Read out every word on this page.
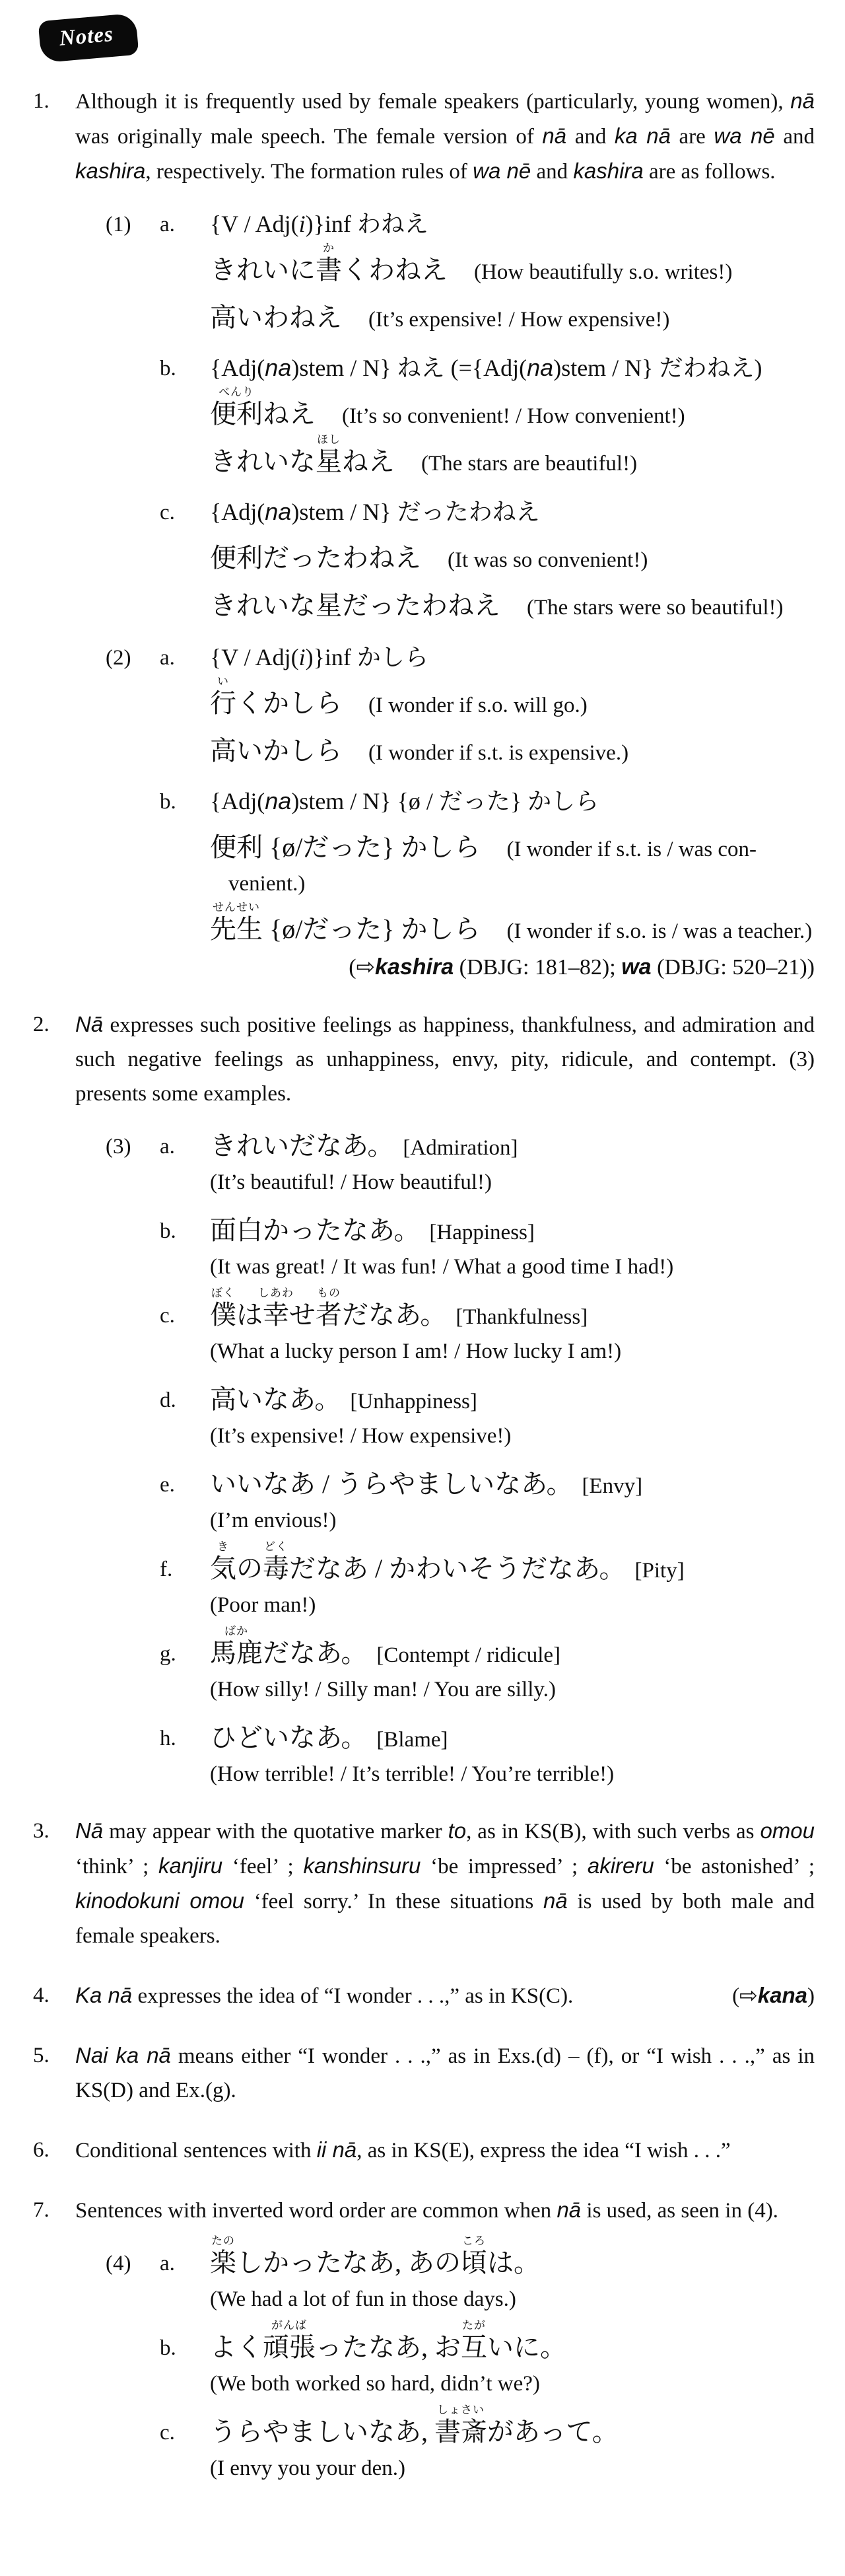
Notes
1.	Although it is frequently used by female speakers (particularly, young women), nā was originally male speech. The female version of nā and ka nā are wa nē and kashira, respectively. The formation rules of wa nē and kashira are as follows.

(1)	a.	{V / Adj(i)}inf わねえ
きれいに
か
書くわねえ (How beautifully s.o. writes!)
高いわねえ (It’s expensive! / How expensive!)
b.	{Adj(na)stem / N} ねえ (={Adj(na)stem / N} だわねえ)
べんり
便利ねえ (It’s so convenient! / How convenient!)
きれいな
ほし
星ねえ (The stars are beautiful!)
c.	{Adj(na)stem / N} だったわねえ
便利だったわねえ (It was so convenient!)
きれいな星だったわねえ (The stars were so beautiful!)
(2)	a.	{V / Adj(i)}inf かしら
い
行くかしら (I wonder if s.o. will go.)
高いかしら (I wonder if s.t. is expensive.)
b.	{Adj(na)stem / N} {ø / だった} かしら
便利 {ø/だった} かしら (I wonder if s.t. is / was con-
venient.)
せんせい
先生 {ø/だった} かしら (I wonder if s.o. is / was a teacher.)
(⇨kashira (DBJG: 181–82); wa (DBJG: 520–21))
2.	Nā expresses such positive feelings as happiness, thankfulness, and admiration and such negative feelings as unhappiness, envy, pity, ridicule, and contempt. (3) presents some examples.

(3)	a.	きれいだなあ。 [Admiration]
(It’s beautiful! / How beautiful!)
b.	面白かったなあ。 [Happiness]
(It was great! / It was fun! / What a good time I had!)
c.
ぼく
僕は
しあわ
幸せ
もの
者だなあ。 [Thankfulness]
(What a lucky person I am! / How lucky I am!)
d.	高いなあ。 [Unhappiness]
(It’s expensive! / How expensive!)
e.	いいなあ / うらやましいなあ。 [Envy]
(I’m envious!)
f.
き
気の
どく
毒だなあ / かわいそうだなあ。 [Pity]
(Poor man!)
g.
ばか
馬鹿だなあ。 [Contempt / ridicule]
(How silly! / Silly man! / You are silly.)
h.	ひどいなあ。 [Blame]
(How terrible! / It’s terrible! / You’re terrible!)
3.	Nā may appear with the quotative marker to, as in KS(B), with such verbs as omou ‘think’ ; kanjiru ‘feel’ ; kanshinsuru ‘be impressed’ ; akireru ‘be astonished’ ; kinodokuni omou ‘feel sorry.’ In these situations nā is used by both male and female speakers.

4.	Ka nā expresses the idea of “I wonder . . .,” as in KS(C).	(⇨kana)
5.	Nai ka nā means either “I wonder . . .,” as in Exs.(d) – (f), or “I wish . . .,” as in KS(D) and Ex.(g).

6.	Conditional sentences with ii nā, as in KS(E), express the idea “I wish . . .”

7.	Sentences with inverted word order are common when nā is used, as seen in (4).

(4)	a.
たの
楽しかったなあ, あの
ころ
頃は。
(We had a lot of fun in those days.)
b.	よく
がんば
頑張ったなあ, お
たが
互いに。
(We both worked so hard, didn’t we?)
c.	うらやましいなあ,
しょさい
書斎があって。
(I envy you your den.)
